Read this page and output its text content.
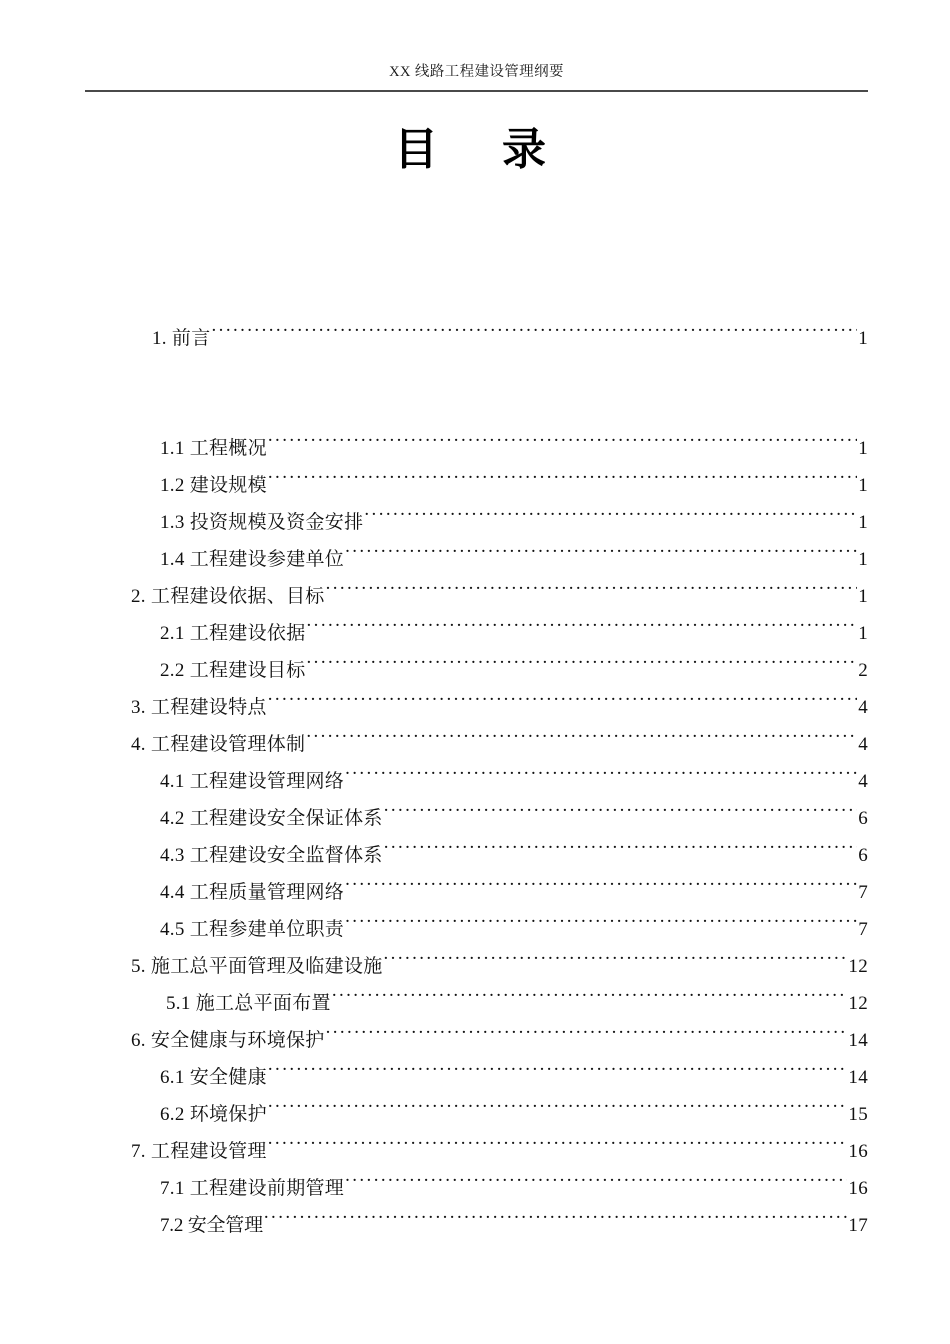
XX 线路工程建设管理纲要
目　录
1. 前言 .....	1
1.1 工程概况 .....	1
1.2 建设规模 .....	1
1.3 投资规模及资金安排 .....	1
1.4 工程建设参建单位 .....	1
2. 工程建设依据、目标 .....	1
2.1 工程建设依据 .....	1
2.2 工程建设目标 .....	2
3. 工程建设特点 .....	4
4. 工程建设管理体制 .....	4
4.1 工程建设管理网络 .....	4
4.2 工程建设安全保证体系 .....	6
4.3 工程建设安全监督体系 .....	6
4.4 工程质量管理网络 .....	7
4.5 工程参建单位职责 .....	7
5. 施工总平面管理及临建设施 .....	12
5.1 施工总平面布置 .....	12
6. 安全健康与环境保护 .....	14
6.1 安全健康 .....	14
6.2 环境保护 .....	15
7. 工程建设管理 .....	16
7.1 工程建设前期管理 .....	16
7.2 安全管理 .....	17
